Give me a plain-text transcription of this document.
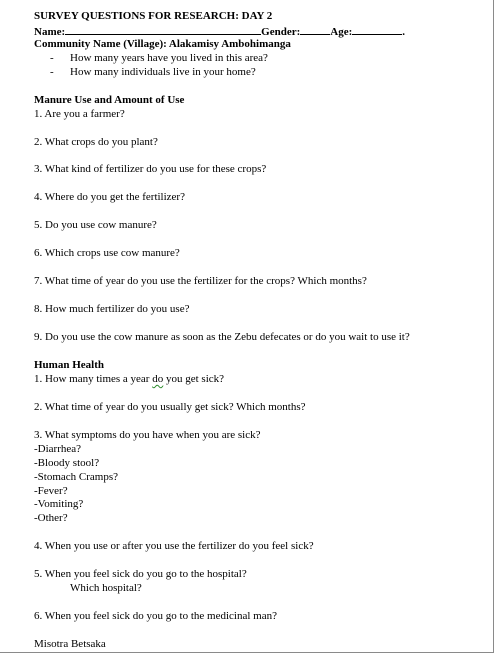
SURVEY QUESTIONS FOR RESEARCH: DAY 2
Name:	Gender:	Age:	.
Community Name (Village): Alakamisy Ambohimanga
- How many years have you lived in this area?
- How many individuals live in your home?
Manure Use and Amount of Use
1. Are you a farmer?
2. What crops do you plant?
3. What kind of fertilizer do you use for these crops?
4. Where do you get the fertilizer?
5. Do you use cow manure?
6. Which crops use cow manure?
7. What time of year do you use the fertilizer for the crops? Which months?
8. How much fertilizer do you use?
9. Do you use the cow manure as soon as the Zebu defecates or do you wait to use it?
Human Health
1. How many times a year do you get sick?
2. What time of year do you usually get sick? Which months?
3. What symptoms do you have when you are sick?
-Diarrhea?
-Bloody stool?
-Stomach Cramps?
-Fever?
-Vomiting?
-Other?
4. When you use or after you use the fertilizer do you feel sick?
5. When you feel sick do you go to the hospital?
Which hospital?
6. When you feel sick do you go to the medicinal man?
Misotra Betsaka
